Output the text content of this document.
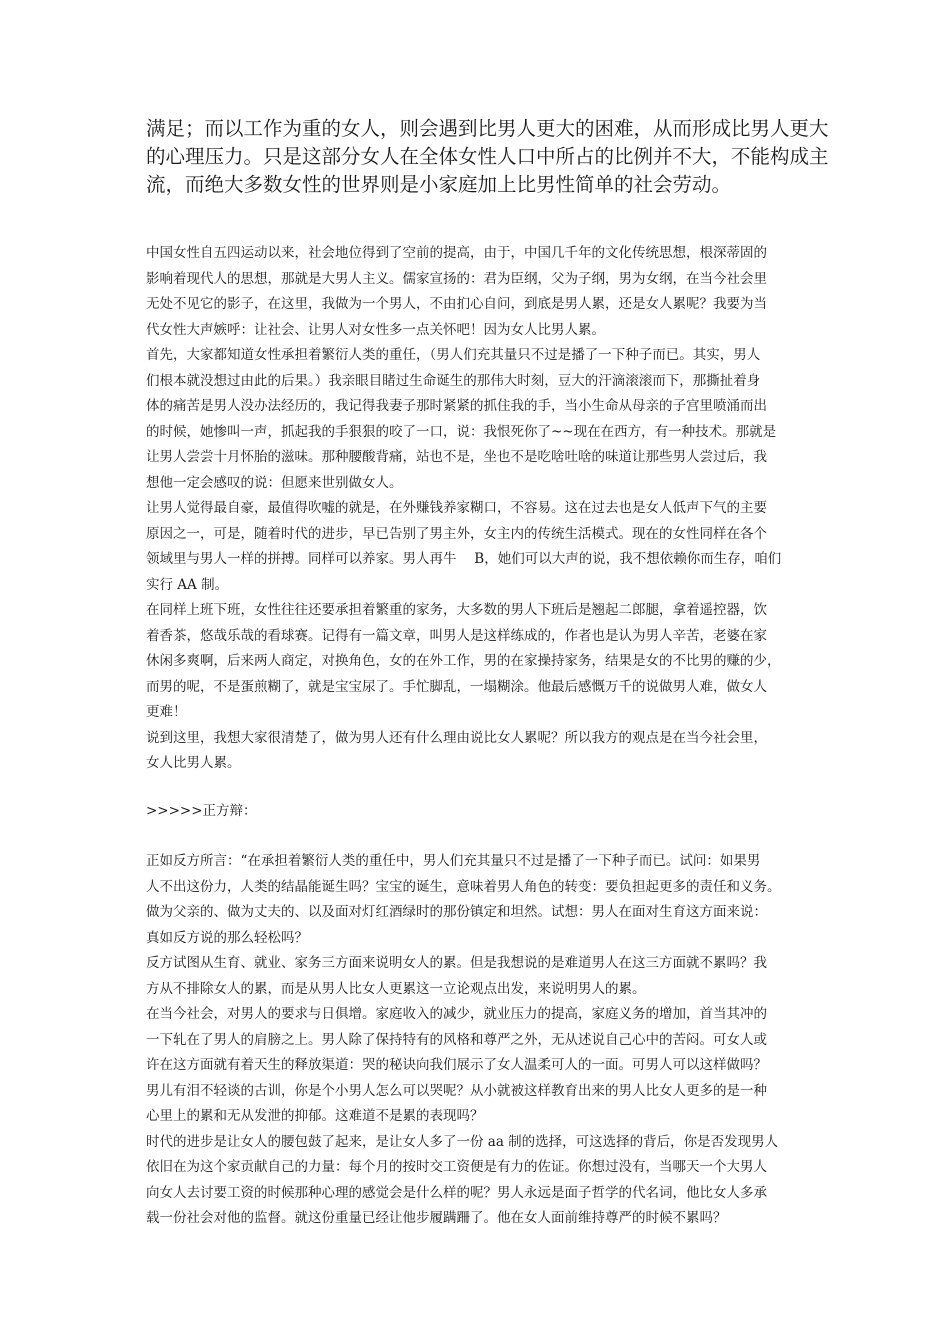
满足；而以工作为重的女人，则会遇到比男人更大的困难，从而形成比男人更大
的心理压力。只是这部分女人在全体女性人口中所占的比例并不大，不能构成主
流，而绝大多数女性的世界则是小家庭加上比男性简单的社会劳动。
中国女性自五四运动以来，社会地位得到了空前的提高，由于，中国几千年的文化传统思想，根深蒂固的
影响着现代人的思想，那就是大男人主义。儒家宣扬的：君为臣纲，父为子纲，男为女纲，在当今社会里
无处不见它的影子，在这里，我做为一个男人，不由扪心自问，到底是男人累，还是女人累呢？我要为当
代女性大声嫉呼：让社会、让男人对女性多一点关怀吧！因为女人比男人累。
首先，大家都知道女性承担着繁衍人类的重任，（男人们充其量只不过是播了一下种子而已。其实，男人
们根本就没想过由此的后果。）我亲眼目睹过生命诞生的那伟大时刻，豆大的汗滴滚滚而下，那撕扯着身
体的痛苦是男人没办法经历的，我记得我妻子那时紧紧的抓住我的手，当小生命从母亲的子宫里喷涌而出
的时候，她惨叫一声，抓起我的手狠狠的咬了一口，说：我恨死你了~~现在在西方，有一种技术。那就是
让男人尝尝十月怀胎的滋味。那种腰酸背痛，站也不是，坐也不是吃啥吐啥的味道让那些男人尝过后，我
想他一定会感叹的说：但愿来世别做女人。
让男人觉得最自豪，最值得吹嘘的就是，在外赚钱养家糊口，不容易。这在过去也是女人低声下气的主要
原因之一，可是，随着时代的进步，早已告别了男主外，女主内的传统生活模式。现在的女性同样在各个
领域里与男人一样的拼搏。同样可以养家。男人再牛　 B，她们可以大声的说，我不想依赖你而生存，咱们
实行 AA 制。
在同样上班下班，女性往往还要承担着繁重的家务，大多数的男人下班后是翘起二郎腿，拿着遥控器，饮
着香茶，悠哉乐哉的看球赛。记得有一篇文章，叫男人是这样练成的，作者也是认为男人辛苦，老婆在家
休闲多爽啊，后来两人商定，对换角色，女的在外工作，男的在家操持家务，结果是女的不比男的赚的少，
而男的呢，不是蛋煎糊了，就是宝宝尿了。手忙脚乱，一塌糊涂。他最后感慨万千的说做男人难，做女人
更难！
说到这里，我想大家很清楚了，做为男人还有什么理由说比女人累呢？所以我方的观点是在当今社会里，
女人比男人累。
>>>>>正方辩：
正如反方所言：“在承担着繁衍人类的重任中，男人们充其量只不过是播了一下种子而已。试问：如果男
人不出这份力，人类的结晶能诞生吗？宝宝的诞生，意味着男人角色的转变：要负担起更多的责任和义务。
做为父亲的、做为丈夫的、以及面对灯红酒绿时的那份镇定和坦然。试想：男人在面对生育这方面来说：
真如反方说的那么轻松吗？
反方试图从生育、就业、家务三方面来说明女人的累。但是我想说的是难道男人在这三方面就不累吗？我
方从不排除女人的累，而是从男人比女人更累这一立论观点出发，来说明男人的累。
在当今社会，对男人的要求与日俱增。家庭收入的减少，就业压力的提高，家庭义务的增加，首当其冲的
一下轧在了男人的肩膀之上。男人除了保持特有的风格和尊严之外，无从述说自己心中的苦闷。可女人或
许在这方面就有着天生的释放渠道：哭的秘诀向我们展示了女人温柔可人的一面。可男人可以这样做吗？
男儿有泪不轻谈的古训，你是个小男人怎么可以哭呢？从小就被这样教育出来的男人比女人更多的是一种
心里上的累和无从发泄的抑郁。这难道不是累的表现吗？
时代的进步是让女人的腰包鼓了起来，是让女人多了一份 aa 制的选择，可这选择的背后，你是否发现男人
依旧在为这个家贡献自己的力量：每个月的按时交工资便是有力的佐证。你想过没有，当哪天一个大男人
向女人去讨要工资的时候那种心理的感觉会是什么样的呢？男人永远是面子哲学的代名词，他比女人多承
载一份社会对他的监督。就这份重量已经让他步履蹒跚了。他在女人面前维持尊严的时候不累吗？
